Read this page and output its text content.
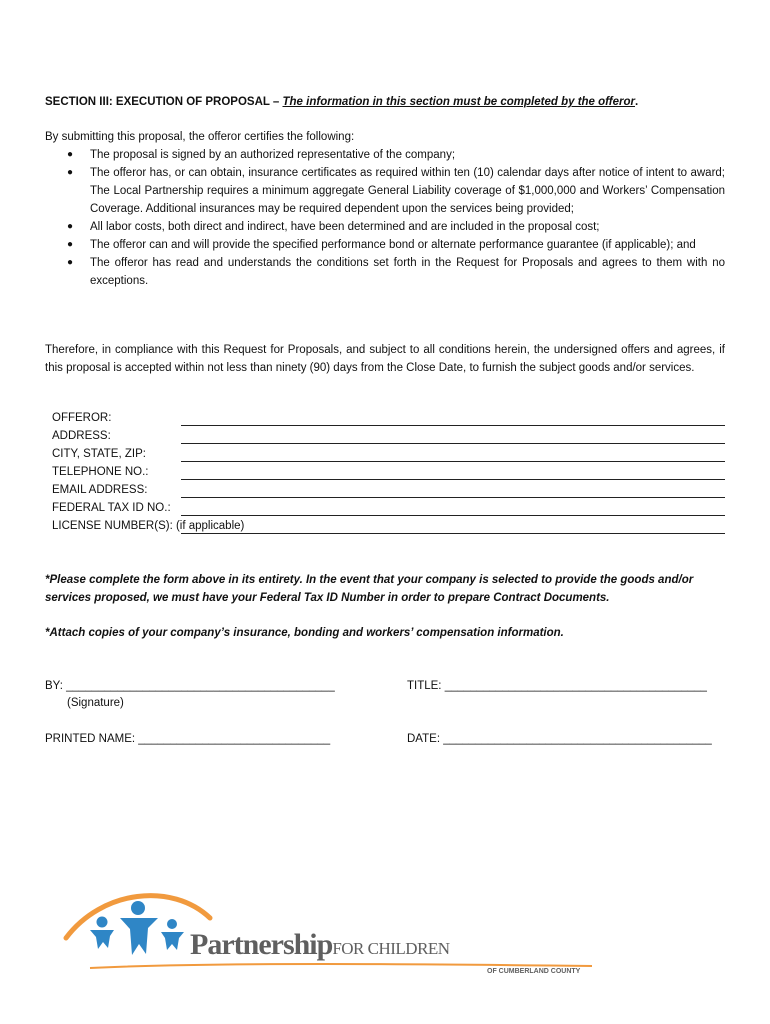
SECTION III: EXECUTION OF PROPOSAL – The information in this section must be completed by the offeror.
By submitting this proposal, the offeror certifies the following:
● The proposal is signed by an authorized representative of the company;
● The offeror has, or can obtain, insurance certificates as required within ten (10) calendar days after notice of intent to award; The Local Partnership requires a minimum aggregate General Liability coverage of $1,000,000 and Workers’ Compensation Coverage. Additional insurances may be required dependent upon the services being provided;
● All labor costs, both direct and indirect, have been determined and are included in the proposal cost;
● The offeror can and will provide the specified performance bond or alternate performance guarantee (if applicable); and
● The offeror has read and understands the conditions set forth in the Request for Proposals and agrees to them with no exceptions.
Therefore, in compliance with this Request for Proposals, and subject to all conditions herein, the undersigned offers and agrees, if this proposal is accepted within not less than ninety (90) days from the Close Date, to furnish the subject goods and/or services.
OFFEROR:
ADDRESS:
CITY, STATE, ZIP:
TELEPHONE NO.:
EMAIL ADDRESS:
FEDERAL TAX ID NO.:
LICENSE NUMBER(S): (if applicable)
*Please complete the form above in its entirety. In the event that your company is selected to provide the goods and/or services proposed, we must have your Federal Tax ID Number in order to prepare Contract Documents.
*Attach copies of your company’s insurance, bonding and workers’ compensation information.
BY: __________________________________________
(Signature)
TITLE: _________________________________________
PRINTED NAME: ______________________________	DATE: __________________________________________
PartnershipFOR CHILDREN
OF CUMBERLAND COUNTY
